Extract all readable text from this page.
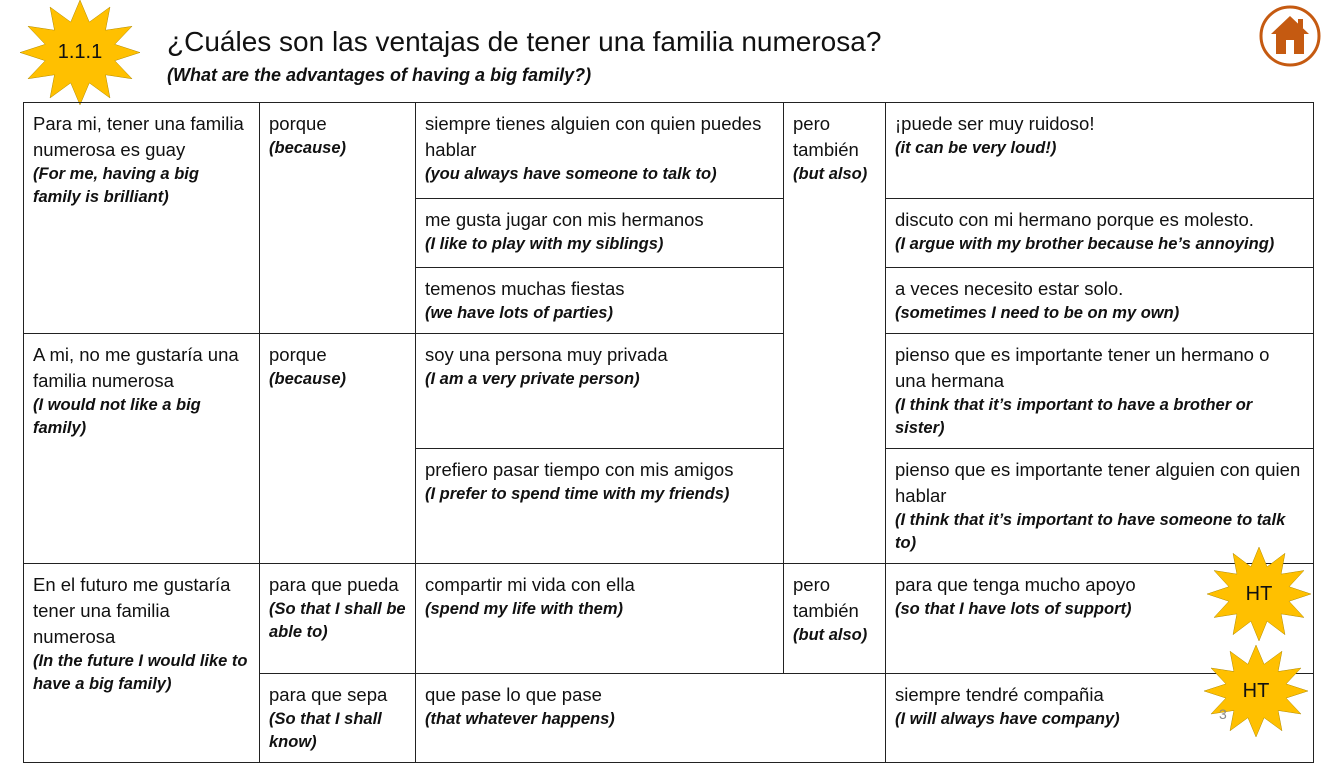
1.1.1	¿Cuáles son las ventajas de tener una familia numerosa?
(What are the advantages of having a big family?)
Para mi, tener una familia numerosa es guay
(For me, having a big family is brilliant)	porque
(because)	siempre tienes alguien con quien puedes hablar
(you always have someone to talk to)	pero también
(but also)	¡puede ser muy ruidoso!
(it can be very loud!)

		me gusta jugar con mis hermanos
(I like to play with my siblings)		discuto con mi hermano porque es molesto.
(I argue with my brother because he’s annoying)

		temenos muchas fiestas
(we have lots of parties)		a veces necesito estar solo.
(sometimes I need to be on my own)

A mi, no me gustaría una familia numerosa
(I would not like a big family)	porque
(because)	soy una persona muy privada
(I am a very private person)		pienso que es importante tener un hermano o una hermana
(I think that it’s important to have a brother or sister)

		prefiero pasar tiempo con mis amigos
(I prefer to spend time with my friends)		pienso que es importante tener alguien con quien hablar
(I think that it’s important to have someone to talk to)

En el futuro me gustaría tener una familia numerosa
(In the future I would like to have a big family)	para que pueda
(So that I shall be able to)	compartir mi vida con ella
(spend my life with them)	pero también
(but also)	para que tenga mucho apoyo
(so that I have lots of support)

	para que sepa
(So that I shall know)	que pase lo que pase
(that whatever happens)		siempre tendré compañia
(I will always have company)
HT
HT
3
